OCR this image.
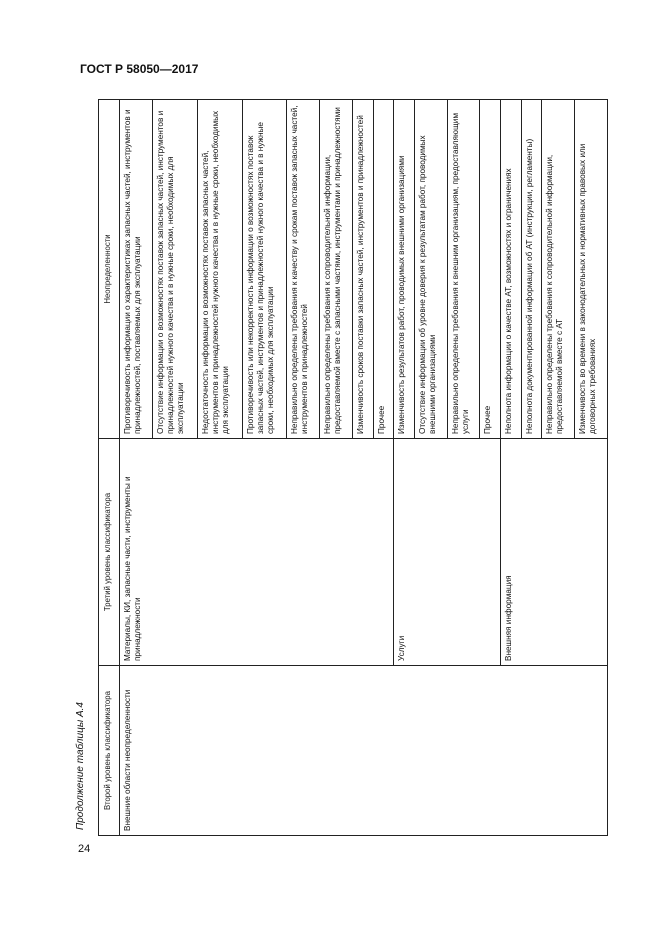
ГОСТ Р 58050—2017
Продолжение таблицы А.4 Второй уровень классификатора	Третий уровень классификатора	Неопределенности
Внешние области неопределенности	Материалы, КИ, запасные части, инструменты и принадлежности	Противоречивость информации о характеристиках запасных частей, инструментов и принадлежностей, поставляемых для эксплуатации
		Отсутствие информации о возможностях поставок запасных частей, инструментов и принадлежностей нужного качества и в нужные сроки, необходимых для эксплуатации
		Недостаточность информации о возможностях поставок запасных частей, инструментов и принадлежностей нужного качества и в нужные сроки, необходимых для эксплуатации
		Противоречивость или некорректность информации о возможностях поставок запасных частей, инструментов и принадлежностей нужного качества и в нужные сроки, необходимых для эксплуатации
		Неправильно определены требования к качеству и срокам поставок запасных частей, инструментов и принадлежностей
		Неправильно определены требования к сопроводительной информации, предоставляемой вместе с запасными частями, инструментами и принадлежностями
		Изменчивость сроков поставки запасных частей, инструментов и принадлежностей
		Прочее
	Услуги	Изменчивость результатов работ, проводимых внешними организациями
		Отсутствие информации об уровне доверия к результатам работ, проводимых внешними организациями
		Неправильно определены требования к внешним организациям, предоставляющим услуги
		Прочее
	Внешняя информация	Неполнота информации о качестве АТ, возможностях и ограничениях
		Неполнота документированной информации об АТ (инструкции, регламенты)
		Неправильно определены требования к сопроводительной информации, предоставляемой вместе с АТ
		Изменчивость во времени в законодательных и нормативных правовых или договорных требованиях
24
